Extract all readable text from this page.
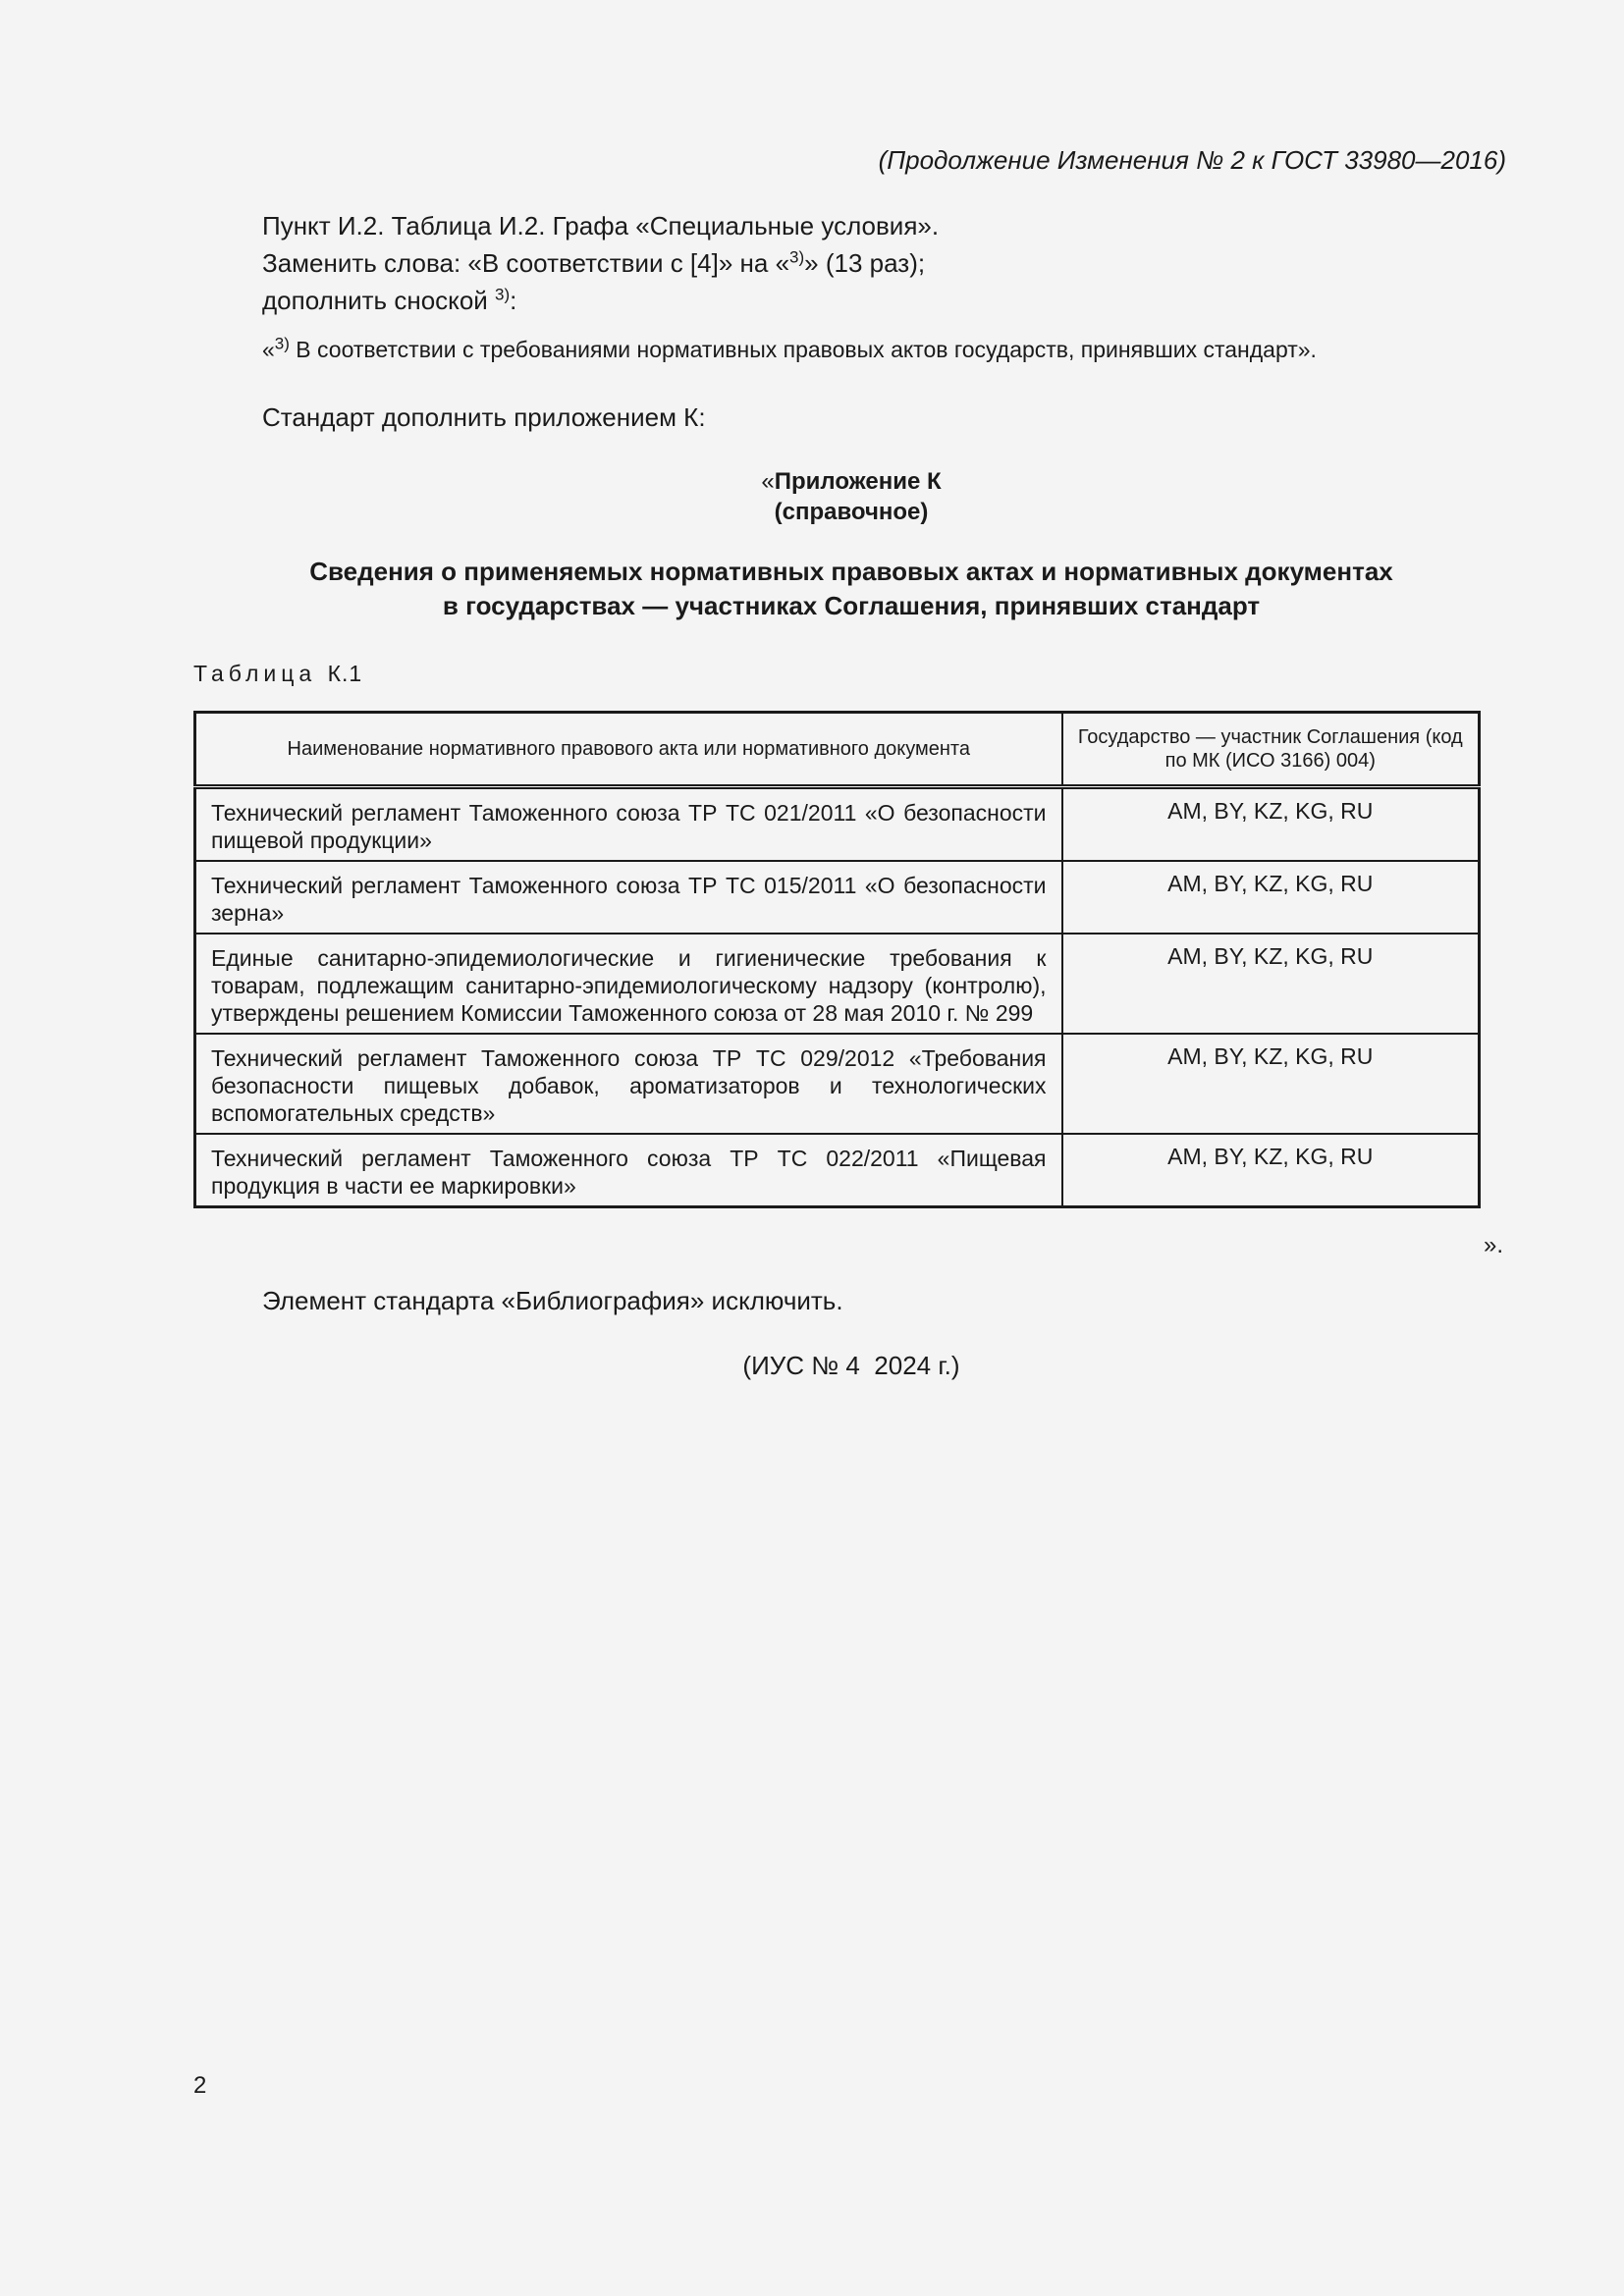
(Продолжение Изменения № 2 к ГОСТ 33980—2016)
Пункт И.2. Таблица И.2. Графа «Специальные условия».
Заменить слова: «В соответствии с [4]» на «$^{3)}$» (13 раз);
дополнить сноской $^{3)}$:
«$^{3)}$ В соответствии с требованиями нормативных правовых актов государств, принявших стандарт».
Стандарт дополнить приложением К:
«Приложение К
(справочное)
Сведения о применяемых нормативных правовых актах и нормативных документах
в государствах — участниках Соглашения, принявших стандарт
Таблица К.1
Наименование нормативного правового акта или нормативного документа	Государство — участник Соглашения (код по МК (ИСО 3166) 004)
Технический регламент Таможенного союза ТР ТС 021/2011 «О безопасности пищевой продукции»	AM, BY, KZ, KG, RU
Технический регламент Таможенного союза ТР ТС 015/2011 «О безопасности зерна»	AM, BY, KZ, KG, RU
Единые санитарно-эпидемиологические и гигиенические требования к товарам, подлежащим санитарно-эпидемиологическому надзору (контролю), утверждены решением Комиссии Таможенного союза от 28 мая 2010 г. № 299	AM, BY, KZ, KG, RU
Технический регламент Таможенного союза ТР ТС 029/2012 «Требования безопасности пищевых добавок, ароматизаторов и технологических вспомогательных средств»	AM, BY, KZ, KG, RU
Технический регламент Таможенного союза ТР ТС 022/2011 «Пищевая продукция в части ее маркировки»	AM, BY, KZ, KG, RU
».
Элемент стандарта «Библиография» исключить.
(ИУС № 4  2024 г.)
2
